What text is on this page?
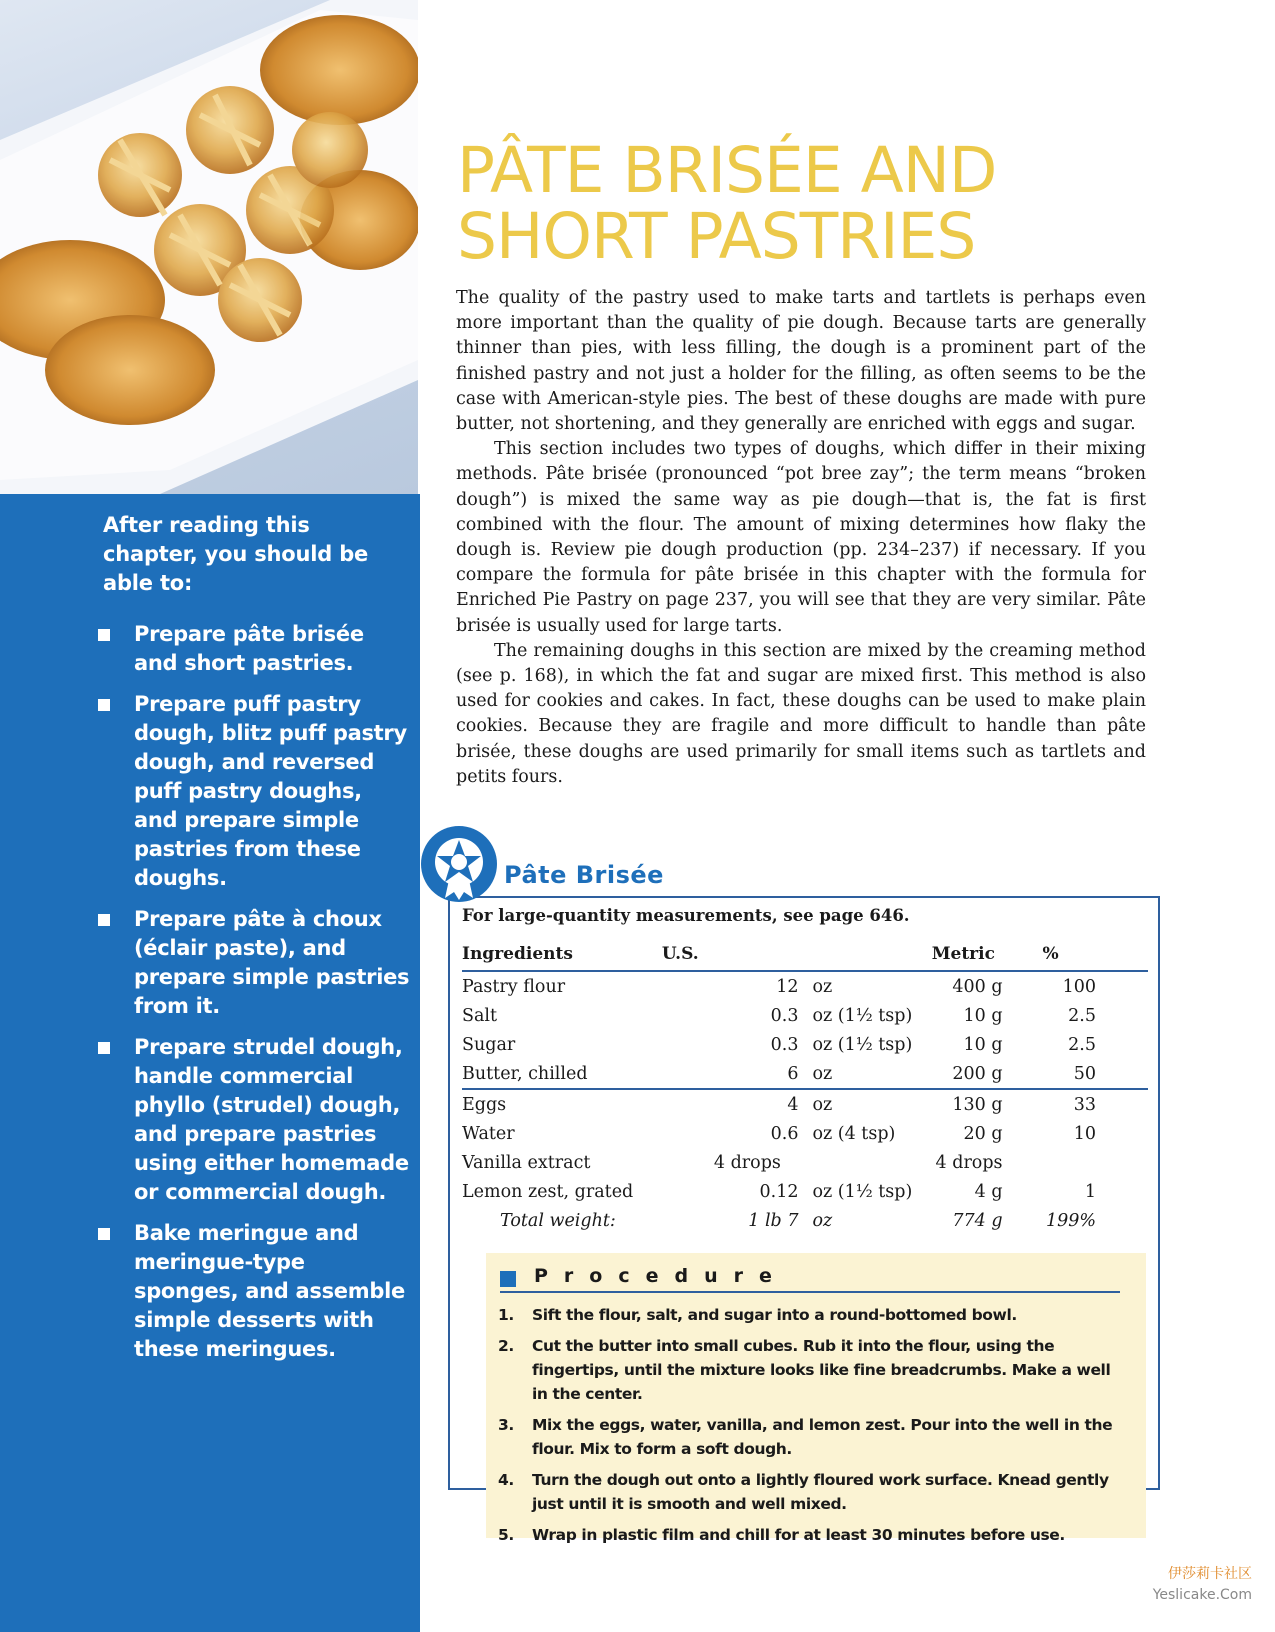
After reading this chapter, you should be able to:
Prepare pâte brisée and short pastries.
Prepare puff pastry dough, blitz puff pastry dough, and reversed puff pastry doughs, and prepare simple pastries from these doughs.
Prepare pâte à choux (éclair paste), and prepare simple pastries from it.
Prepare strudel dough, handle commercial phyllo (strudel) dough, and prepare pastries using either homemade or commercial dough.
Bake meringue and meringue-type sponges, and assemble simple desserts with these meringues.
PÂTE BRISÉE AND SHORT PASTRIES

The quality of the pastry used to make tarts and tartlets is perhaps even more important than the quality of pie dough. Because tarts are generally thinner than pies, with less filling, the dough is a prominent part of the finished pastry and not just a holder for the filling, as often seems to be the case with American-style pies. The best of these doughs are made with pure butter, not shortening, and they generally are enriched with eggs and sugar.

This section includes two types of doughs, which differ in their mixing methods. Pâte brisée (pronounced “pot bree zay”; the term means “broken dough”) is mixed the same way as pie dough—that is, the fat is first combined with the flour. The amount of mixing determines how flaky the dough is. Review pie dough production (pp. 234–237) if necessary. If you compare the formula for pâte brisée in this chapter with the formula for Enriched Pie Pastry on page 237, you will see that they are very similar. Pâte brisée is usually used for large tarts.

The remaining doughs in this section are mixed by the creaming method (see p. 168), in which the fat and sugar are mixed first. This method is also used for cookies and cakes. In fact, these doughs can be used to make plain cookies. Because they are fragile and more difficult to handle than pâte brisée, these doughs are used primarily for small items such as tartlets and petits fours.

Pâte Brisée
For large-quantity measurements, see page 646.
Ingredients	U.S.		Metric	%
Pastry flour	12	oz	400 g	100
Salt	0.3	oz (1½ tsp)	10 g	2.5
Sugar	0.3	oz (1½ tsp)	10 g	2.5
Butter, chilled	6	oz	200 g	50
Eggs	4	oz	130 g	33
Water	0.6	oz (4 tsp)	20 g	10
Vanilla extract	4 drops		4 drops	
Lemon zest, grated	0.12	oz (1½ tsp)	4 g	1
Total weight:	1 lb 7	oz	774 g	199%
Procedure
1. Sift the flour, salt, and sugar into a round-bottomed bowl.
2. Cut the butter into small cubes. Rub it into the flour, using the fingertips, until the mixture looks like fine breadcrumbs. Make a well in the center.
3. Mix the eggs, water, vanilla, and lemon zest. Pour into the well in the flour. Mix to form a soft dough.
4. Turn the dough out onto a lightly floured work surface. Knead gently just until it is smooth and well mixed.
5. Wrap in plastic film and chill for at least 30 minutes before use.
伊莎莉卡社区
Yeslicake.Com
